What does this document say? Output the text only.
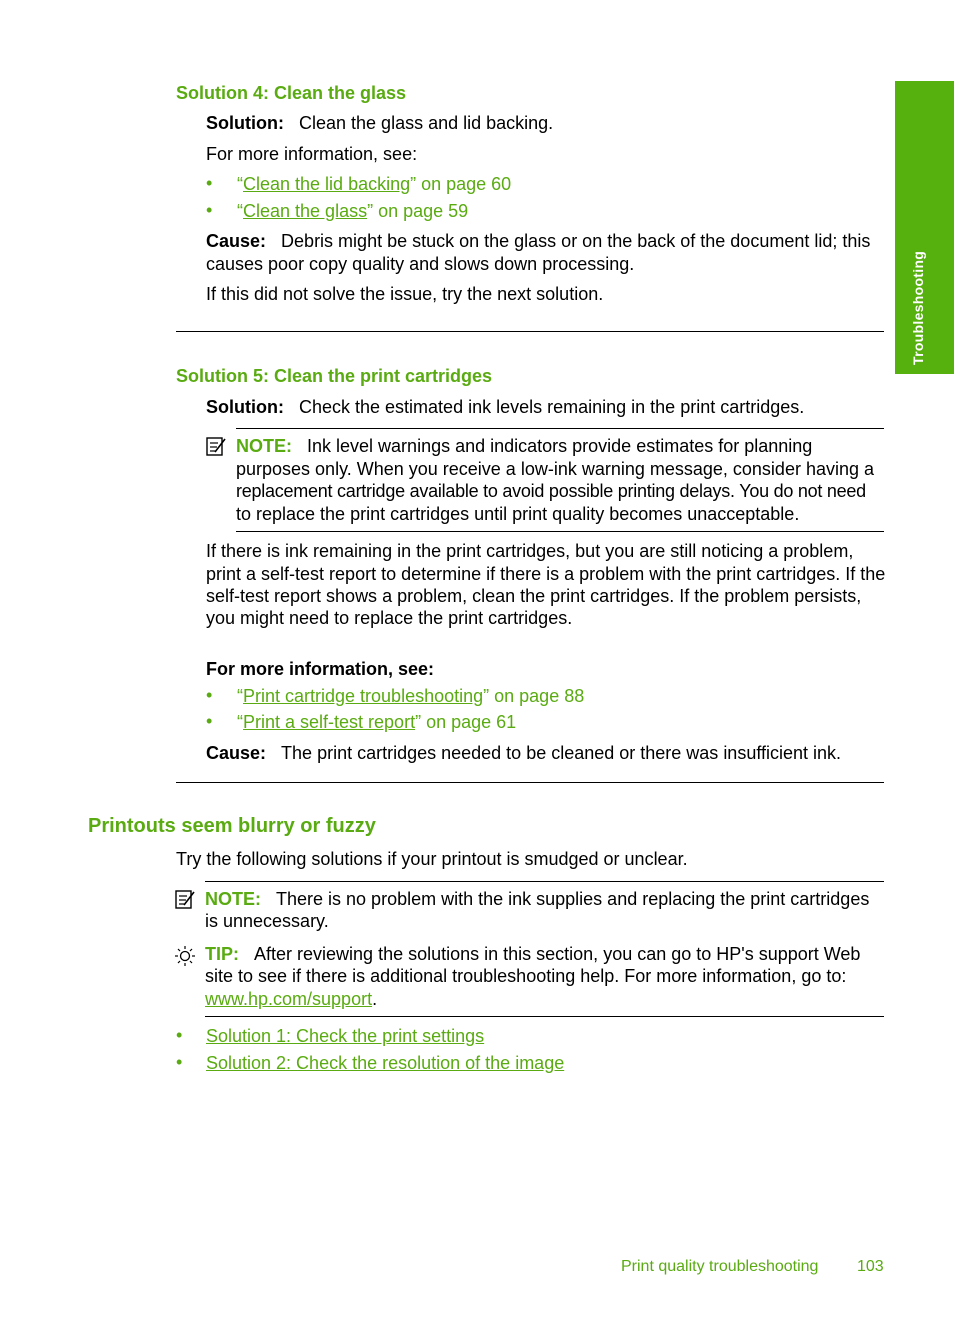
Troubleshooting
Solution 4: Clean the glass
Solution: Clean the glass and lid backing.
For more information, see:
• “Clean the lid backing” on page 60
• “Clean the glass” on page 59
Cause: Debris might be stuck on the glass or on the back of the document lid; this
causes poor copy quality and slows down processing.
If this did not solve the issue, try the next solution.
Solution 5: Clean the print cartridges
Solution: Check the estimated ink levels remaining in the print cartridges.
NOTE: Ink level warnings and indicators provide estimates for planning
purposes only. When you receive a low-ink warning message, consider having a
replacement cartridge available to avoid possible printing delays. You do not need
to replace the print cartridges until print quality becomes unacceptable.
If there is ink remaining in the print cartridges, but you are still noticing a problem,
print a self-test report to determine if there is a problem with the print cartridges. If the
self-test report shows a problem, clean the print cartridges. If the problem persists,
you might need to replace the print cartridges.
For more information, see:
• “Print cartridge troubleshooting” on page 88
• “Print a self-test report” on page 61
Cause: The print cartridges needed to be cleaned or there was insufficient ink.
Printouts seem blurry or fuzzy
Try the following solutions if your printout is smudged or unclear.
NOTE: There is no problem with the ink supplies and replacing the print cartridges
is unnecessary.
TIP: After reviewing the solutions in this section, you can go to HP's support Web
site to see if there is additional troubleshooting help. For more information, go to:
www.hp.com/support.
• Solution 1: Check the print settings
• Solution 2: Check the resolution of the image
Print quality troubleshooting 103
